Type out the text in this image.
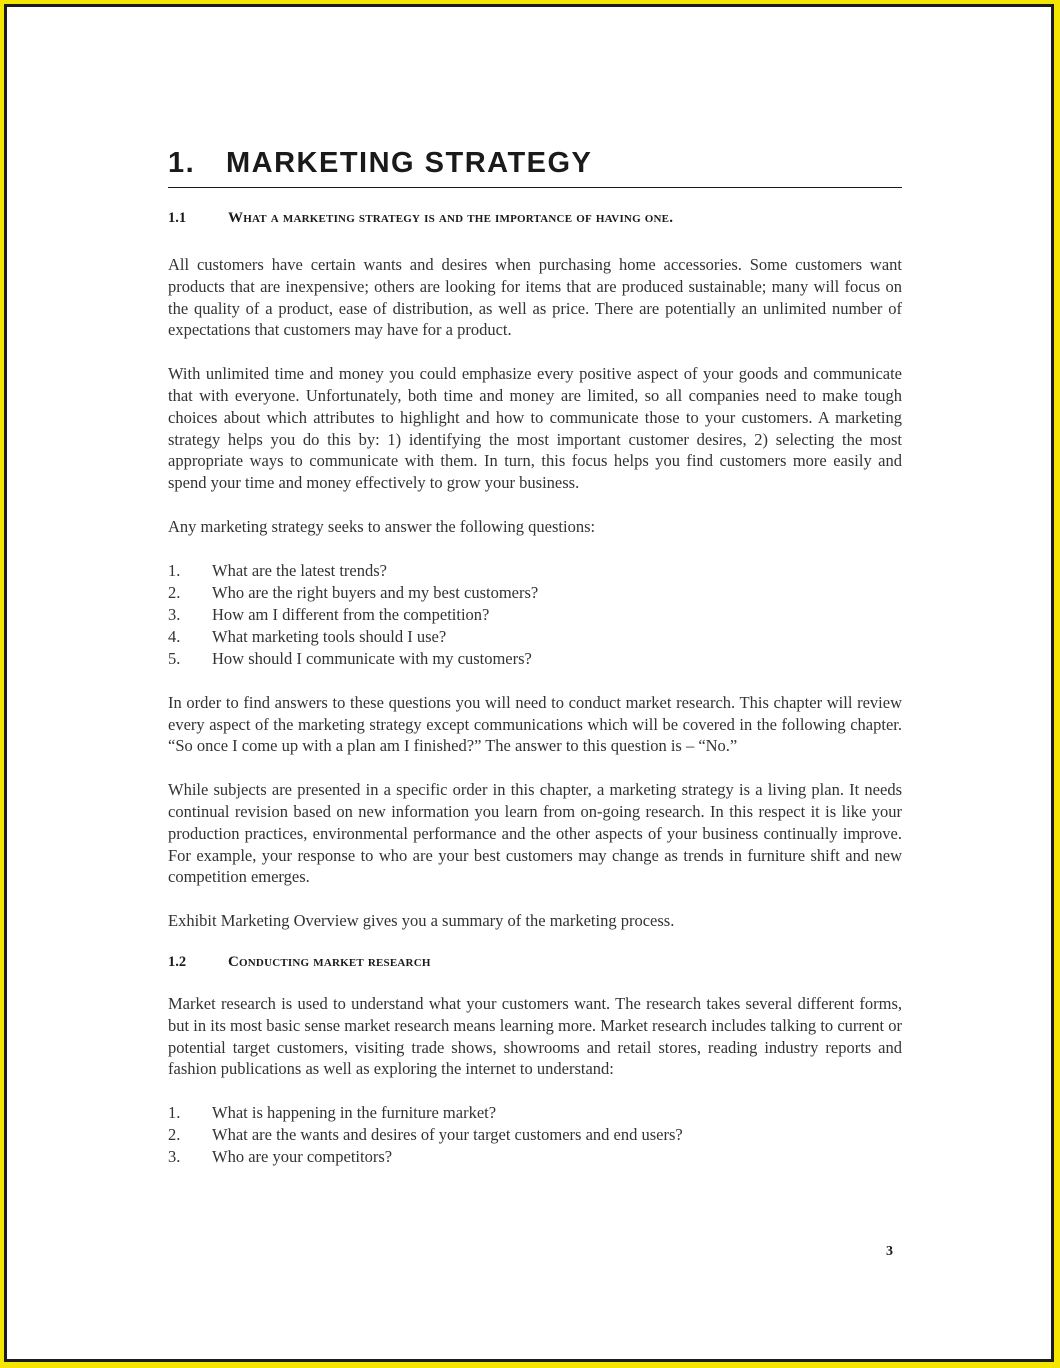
1.	MARKETING STRATEGY
1.1	What a marketing strategy is and the importance of having one.

All customers have certain wants and desires when purchasing home accessories. Some customers want products that are inexpensive; others are looking for items that are produced sustainable; many will focus on the quality of a product, ease of distribution, as well as price. There are potentially an unlimited number of expectations that customers may have for a product.

With unlimited time and money you could emphasize every positive aspect of your goods and communicate that with everyone. Unfortunately, both time and money are limited, so all companies need to make tough choices about which attributes to highlight and how to communicate those to your customers. A marketing strategy helps you do this by: 1) identifying the most important customer desires, 2) selecting the most appropriate ways to communicate with them. In turn, this focus helps you find customers more easily and spend your time and money effectively to grow your business.

Any marketing strategy seeks to answer the following questions:

1.	What are the latest trends?
2.	Who are the right buyers and my best customers?
3.	How am I different from the competition?
4.	What marketing tools should I use?
5.	How should I communicate with my customers?

In order to find answers to these questions you will need to conduct market research. This chapter will review every aspect of the marketing strategy except communications which will be covered in the following chapter. “So once I come up with a plan am I finished?” The answer to this question is – “No.”

While subjects are presented in a specific order in this chapter, a marketing strategy is a living plan. It needs continual revision based on new information you learn from on-going research. In this respect it is like your production practices, environmental performance and the other aspects of your business continually improve. For example, your response to who are your best customers may change as trends in furniture shift and new competition emerges.

Exhibit Marketing Overview gives you a summary of the marketing process.

1.2	Conducting market research

Market research is used to understand what your customers want. The research takes several different forms, but in its most basic sense market research means learning more. Market research includes talking to current or potential target customers, visiting trade shows, showrooms and retail stores, reading industry reports and fashion publications as well as exploring the internet to understand:

1.	What is happening in the furniture market?
2.	What are the wants and desires of your target customers and end users?
3.	Who are your competitors?
3
